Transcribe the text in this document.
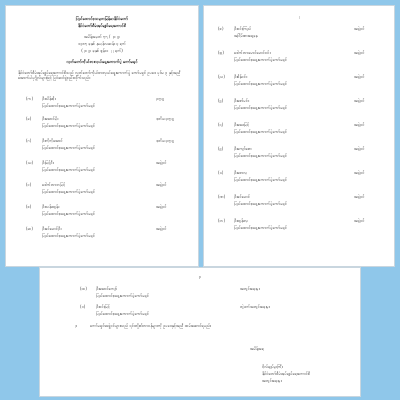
ပြည်ထောင်စုသမ္မတမြန်မာနိုင်ငံတော်
နိုင်ငံတော်စီမံအုပ်ချုပ်ရေးကောင်စီ
အမိန့်အမှတ် ၅၅ / ၂၀၂၃
၁၃၈၅ ခုနှစ် နယုန်လဆန်း ၄ ရက်
(၂၀၂၃ ခုနှစ် ဇွန်လ ၂၂ ရက်)
လွှတ်တော်ကိုယ်စားလှယ်ရွေးကောက်ပွဲ ကော်မရှင်
နိုင်ငံတော်စီမံအုပ်ချုပ်ရေးကောင်စီသည် လွှတ်တော်ကိုယ်စားလှယ်ရွေးကောက်ပွဲ ကော်မရှင် ဥပဒေ ပုဒ်မ ၃ နှင့်အညီ အောက်ပါပုဂ္ဂိုလ်များဖြင့် ပြင်ဆင်ဖွဲ့စည်းလိုက်သည်။
(က) ဦးသိန်းစိုး	ဥက္ကဋ္ဌ
ပြည်ထောင်စုရွေးကောက်ပွဲကော်မရှင်
(ခ)	ဦးအောင်မိုး	ဒုတိယဥက္ကဋ္ဌ
ပြည်ထောင်စုရွေးကောက်ပွဲကော်မရှင်
(ဂ)	ဦးကိုကိုအောင်	ဒုတိယဥက္ကဋ္ဌ
ပြည်ထောင်စုရွေးကောက်ပွဲကော်မရှင်
(ဃ) ဦးမြင့်ဦး	အဖွဲ့ဝင်
ပြည်ထောင်စုရွေးကောက်ပွဲကော်မရှင်
(င)	ဒေါက်တာဘမြင့်	အဖွဲ့ဝင်
ပြည်ထောင်စုရွေးကောက်ပွဲကော်မရှင်
(စ)	ဦးသန်းထွန်း	အဖွဲ့ဝင်
ပြည်ထောင်စုရွေးကောက်ပွဲကော်မရှင်
(ဆ) ဦးခင်မောင်ဦး	အဖွဲ့ဝင်
ပြည်ထောင်စုရွေးကောက်ပွဲကော်မရှင်
၂
(ဇ)	ဦးဝင်းကြည်	အဖွဲ့ဝင်
အငြိမ်းစားရှေ့နေ
(ဈ)	ဒေါက်တာမောင်မောင်ဝင်း	အဖွဲ့ဝင်
ပြည်ထောင်စုရွေးကောက်ပွဲကော်မရှင်
(ည) ဦးစိန်ဝင်း	အဖွဲ့ဝင်
ပြည်ထောင်စုရွေးကောက်ပွဲကော်မရှင်
(ဋ)	ဦးဇော်မင်း	အဖွဲ့ဝင်
ပြည်ထောင်စုရွေးကောက်ပွဲကော်မရှင်
(ဌ)	ဦးအေးမြင့်	အဖွဲ့ဝင်
ပြည်ထောင်စုရွေးကောက်ပွဲကော်မရှင်
(ဍ)	ဦးကျော်ဇော	အဖွဲ့ဝင်
ပြည်ထောင်စုရွေးကောက်ပွဲကော်မရှင်
(ဎ)	ဦးစောလှ	အဖွဲ့ဝင်
ပြည်ထောင်စုရွေးကောက်ပွဲကော်မရှင်
(ဏ) ဦးခင်မောင်	အဖွဲ့ဝင်
ပြည်ထောင်စုရွေးကောက်ပွဲကော်မရှင်
(တ) ဦးထွန်းလှ	အဖွဲ့ဝင်
ပြည်ထောင်စုရွေးကောက်ပွဲကော်မရှင်
၃
(ထ) ဦးအောင်ကျော်	အတွင်းရေးမှူး
ပြည်ထောင်စုရွေးကောက်ပွဲကော်မရှင်
(ဒ)	ဦးဝင်းမြင့်	တွဲဖက်အတွင်းရေးမှူး
ပြည်ထောင်စုရွေးကောက်ပွဲကော်မရှင်
၂။	ကော်မရှင်အဖွဲ့ဝင်များသည် ၎င်းတို့၏တာဝန်များကို ဥပဒေနှင့်အညီ ထမ်းဆောင်ရမည်။
အမိန့်အရ
ဗိုလ်ချုပ်မှူးကြီး
နိုင်ငံတော်စီမံအုပ်ချုပ်ရေးကောင်စီ
အတွင်းရေးမှူး
